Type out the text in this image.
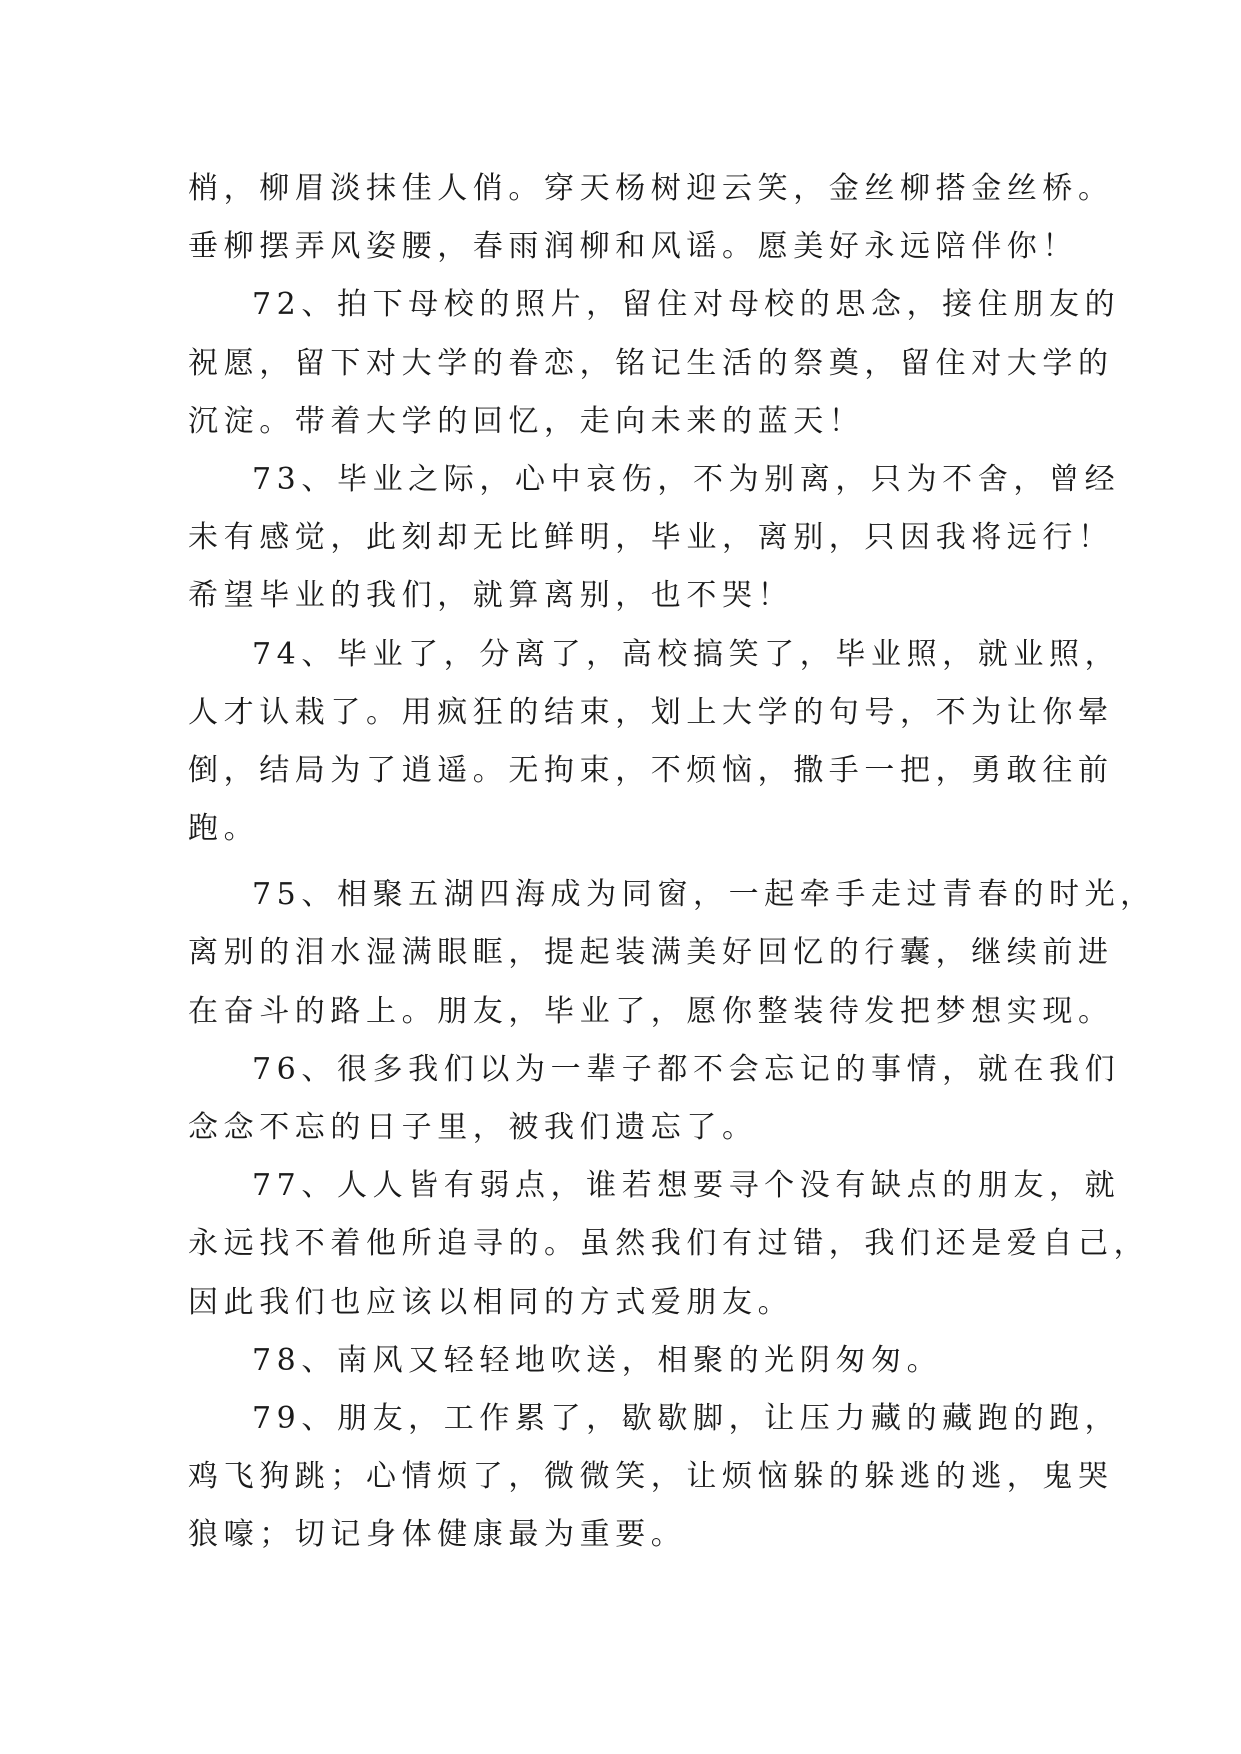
梢，柳眉淡抹佳人俏。穿天杨树迎云笑，金丝柳搭金丝桥。
垂柳摆弄风姿腰，春雨润柳和风谣。愿美好永远陪伴你！
72、拍下母校的照片，留住对母校的思念，接住朋友的
祝愿，留下对大学的眷恋，铭记生活的祭奠，留住对大学的
沉淀。带着大学的回忆，走向未来的蓝天！
73、毕业之际，心中哀伤，不为别离，只为不舍，曾经
未有感觉，此刻却无比鲜明，毕业，离别，只因我将远行！
希望毕业的我们，就算离别，也不哭！
74、毕业了，分离了，高校搞笑了，毕业照，就业照，
人才认栽了。用疯狂的结束，划上大学的句号，不为让你晕
倒，结局为了逍遥。无拘束，不烦恼，撒手一把，勇敢往前
跑。
75、相聚五湖四海成为同窗，一起牵手走过青春的时光，
离别的泪水湿满眼眶，提起装满美好回忆的行囊，继续前进
在奋斗的路上。朋友，毕业了，愿你整装待发把梦想实现。
76、很多我们以为一辈子都不会忘记的事情，就在我们
念念不忘的日子里，被我们遗忘了。
77、人人皆有弱点，谁若想要寻个没有缺点的朋友，就
永远找不着他所追寻的。虽然我们有过错，我们还是爱自己，
因此我们也应该以相同的方式爱朋友。
78、南风又轻轻地吹送，相聚的光阴匆匆。
79、朋友，工作累了，歇歇脚，让压力藏的藏跑的跑，
鸡飞狗跳；心情烦了，微微笑，让烦恼躲的躲逃的逃，鬼哭
狼嚎；切记身体健康最为重要。
